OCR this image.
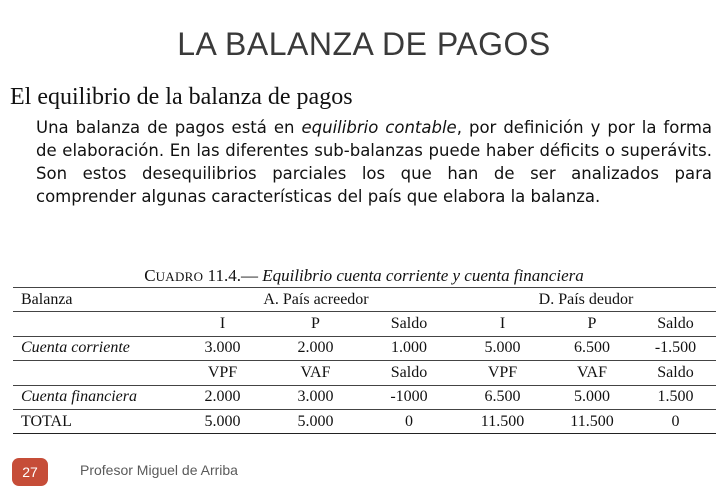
LA BALANZA DE PAGOS
El equilibrio de la balanza de pagos
Una balanza de pagos está en equilibrio contable, por definición y por la forma de elaboración. En las diferentes sub-balanzas puede haber déficits o superávits. Son estos desequilibrios parciales los que han de ser analizados para comprender algunas características del país que elabora la balanza.
CUADRO 11.4.— Equilibrio cuenta corriente y cuenta financiera
Balanza	A. País acreedor			D. País deudor		
	I	P	Saldo	I	P	Saldo
Cuenta corriente	3.000	2.000	1.000	5.000	6.500	-1.500
	VPF	VAF	Saldo	VPF	VAF	Saldo
Cuenta financiera	2.000	3.000	-1000	6.500	5.000	1.500
TOTAL	5.000	5.000	0	11.500	11.500	0
27	Profesor Miguel de Arriba
